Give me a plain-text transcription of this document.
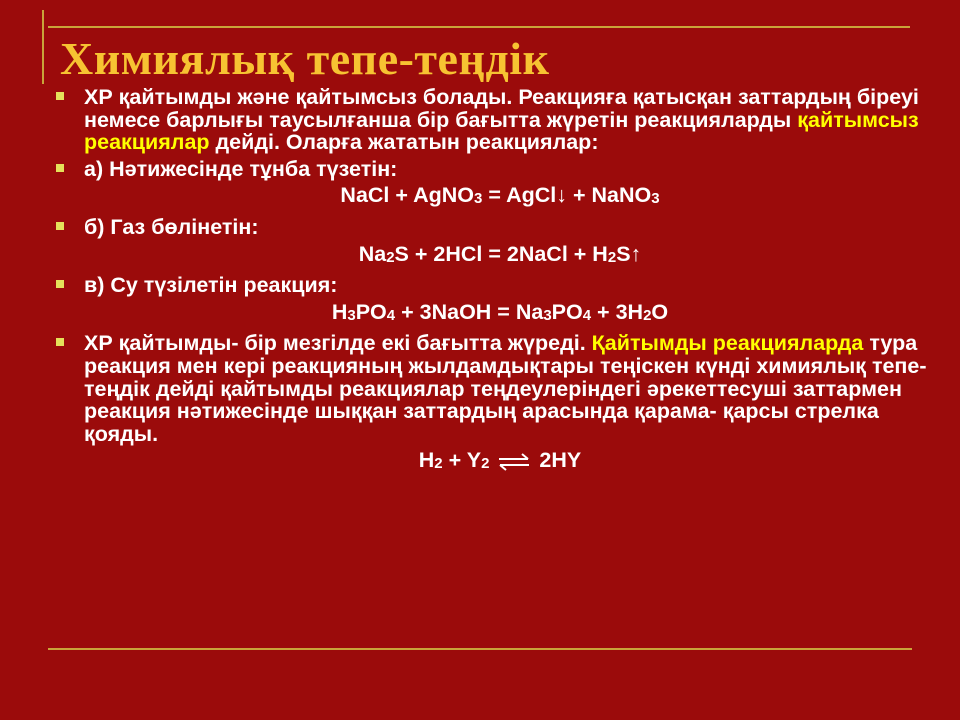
Химиялық тепе-теңдік
ХР қайтымды және қайтымсыз болады. Реакцияға қатысқан заттардың біреуі немесе барлығы таусылғанша бір бағытта жүретін реакцияларды қайтымсыз реакциялар дейді. Оларға жататын реакциялар:
а) Нәтижесінде тұнба түзетін:
NaCl + AgNO$_3$ = AgCl↓ + NaNO$_3$
б) Газ бөлінетін:
$Na_2S + 2HCl$ = 2NaCl + $H_2S↑$
в) Су түзілетін реакция:
$H_3PO_4$ + 3NaOH = $Na_3PO_4 + 3H_2O$
ХР қайтымды- бір мезгілде екі бағытта жүреді. Қайтымды реакцияларда тура реакция мен кері реакцияның жылдамдықтары теңіскен күнді химиялық тепе- теңдік дейді қайтымды реакциялар теңдеулеріндегі әрекеттесуші заттармен реакция нәтижесінде шыққан заттардың арасында қарама- қарсы стрелка қояды.
$H_2 + Y_2$ ⇌ 2HY
